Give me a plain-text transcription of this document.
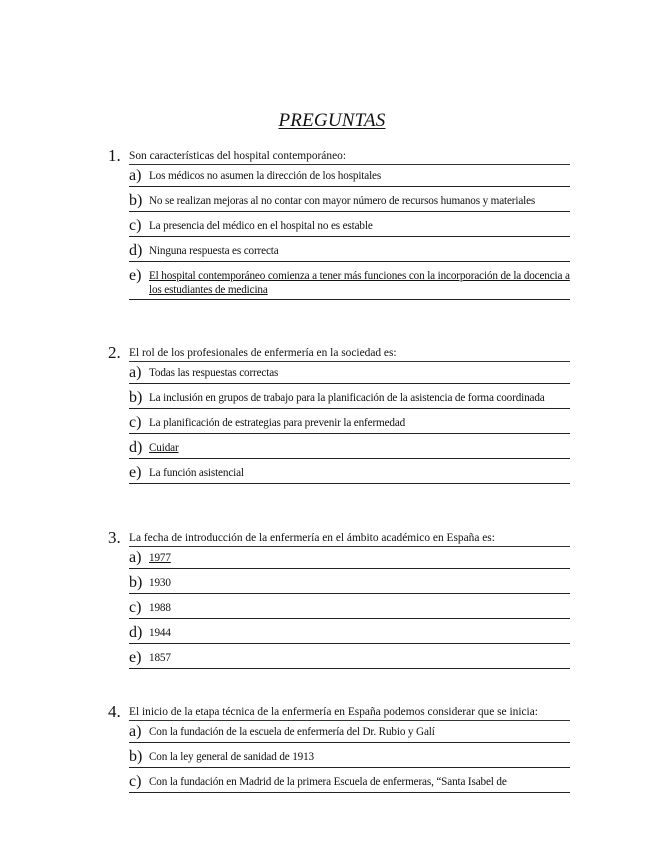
PREGUNTAS
1. Son características del hospital contemporáneo:
a) Los médicos no asumen la dirección de los hospitales
b) No se realizan mejoras al no contar con mayor número de recursos humanos y materiales
c) La presencia del médico en el hospital no es estable
d) Ninguna respuesta es correcta
e) El hospital contemporáneo comienza a tener más funciones con la incorporación de la docencia a los estudiantes de medicina
2. El rol de los profesionales de enfermería en la sociedad es:
a) Todas las respuestas correctas
b) La inclusión en grupos de trabajo para la planificación de la asistencia de forma coordinada
c) La planificación de estrategias para prevenir la enfermedad
d) Cuidar
e) La función asistencial
3. La fecha de introducción de la enfermería en el ámbito académico en España es:
a) 1977
b) 1930
c) 1988
d) 1944
e) 1857
4. El inicio de la etapa técnica de la enfermería en España podemos considerar que se inicia:
a) Con la fundación de la escuela de enfermería del Dr. Rubio y Galí
b) Con la ley general de sanidad de 1913
c) Con la fundación en Madrid de la primera Escuela de enfermeras, “Santa Isabel de
